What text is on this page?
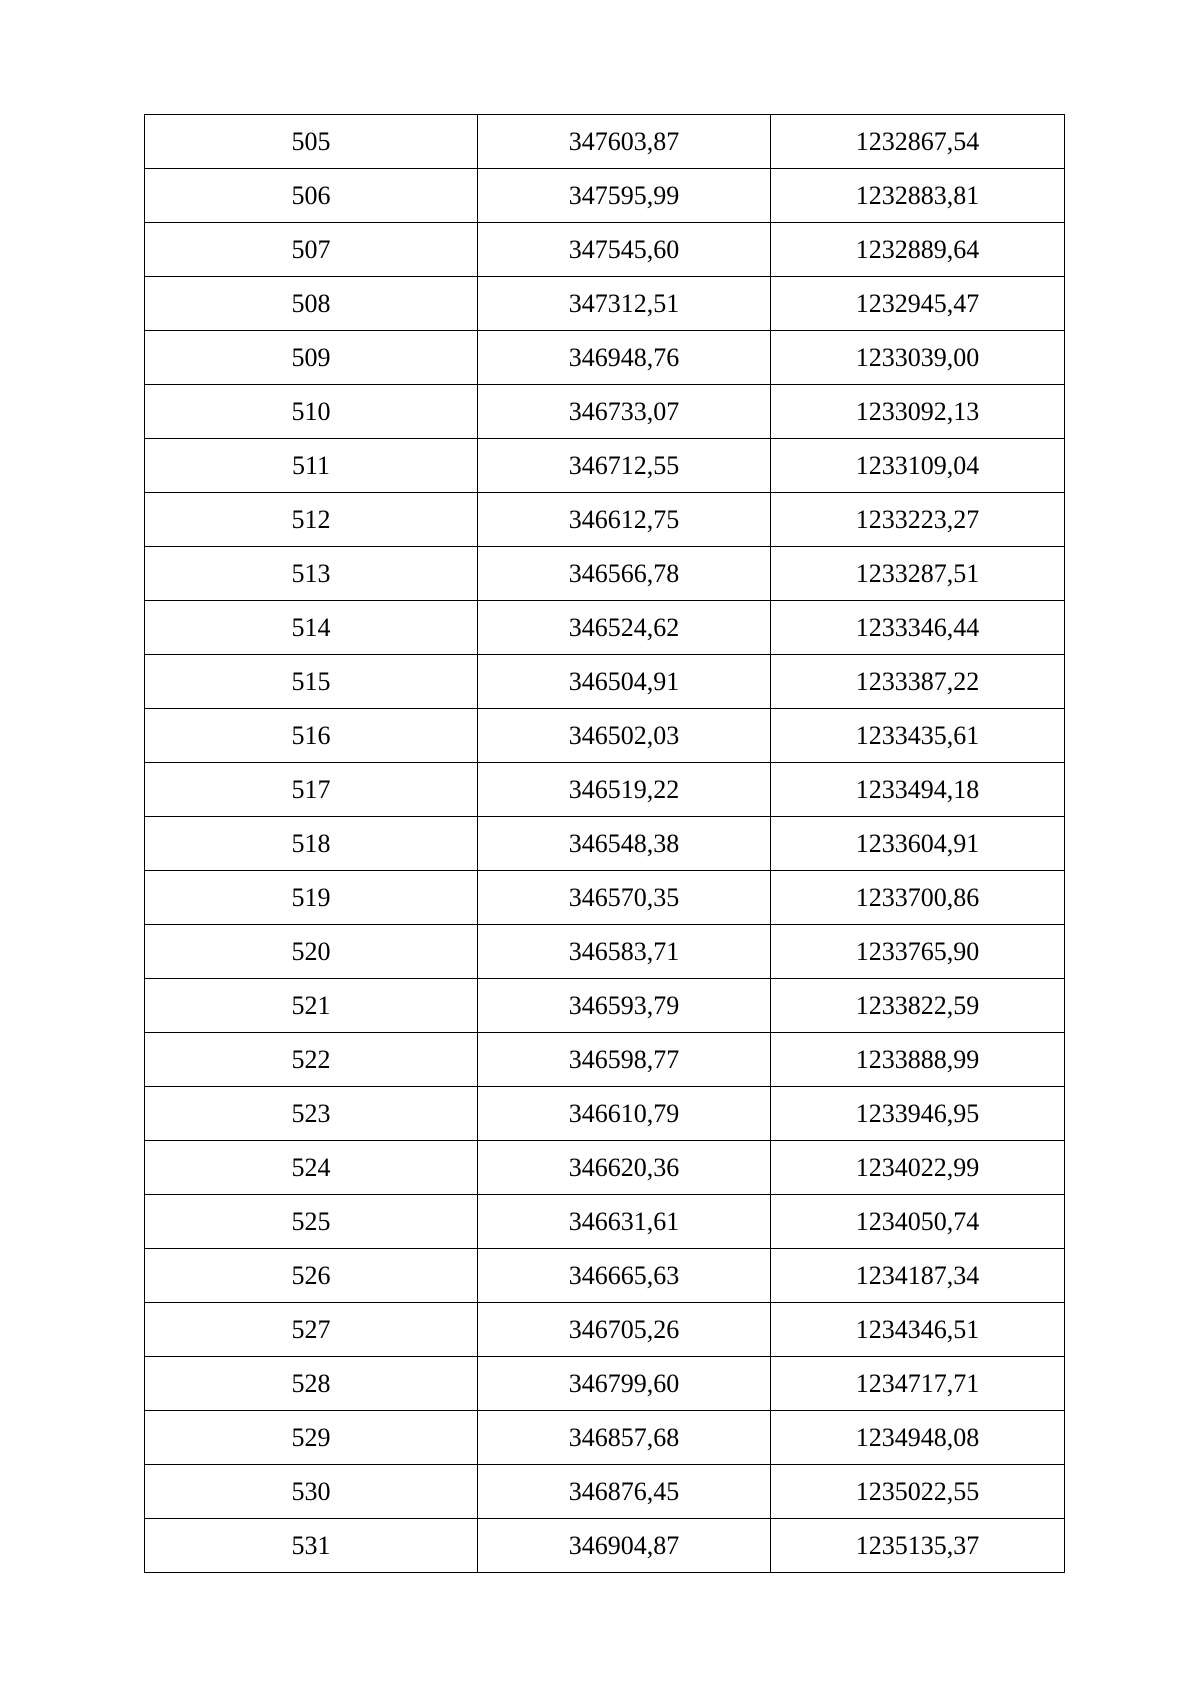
505	347603,87	1232867,54
506	347595,99	1232883,81
507	347545,60	1232889,64
508	347312,51	1232945,47
509	346948,76	1233039,00
510	346733,07	1233092,13
511	346712,55	1233109,04
512	346612,75	1233223,27
513	346566,78	1233287,51
514	346524,62	1233346,44
515	346504,91	1233387,22
516	346502,03	1233435,61
517	346519,22	1233494,18
518	346548,38	1233604,91
519	346570,35	1233700,86
520	346583,71	1233765,90
521	346593,79	1233822,59
522	346598,77	1233888,99
523	346610,79	1233946,95
524	346620,36	1234022,99
525	346631,61	1234050,74
526	346665,63	1234187,34
527	346705,26	1234346,51
528	346799,60	1234717,71
529	346857,68	1234948,08
530	346876,45	1235022,55
531	346904,87	1235135,37
